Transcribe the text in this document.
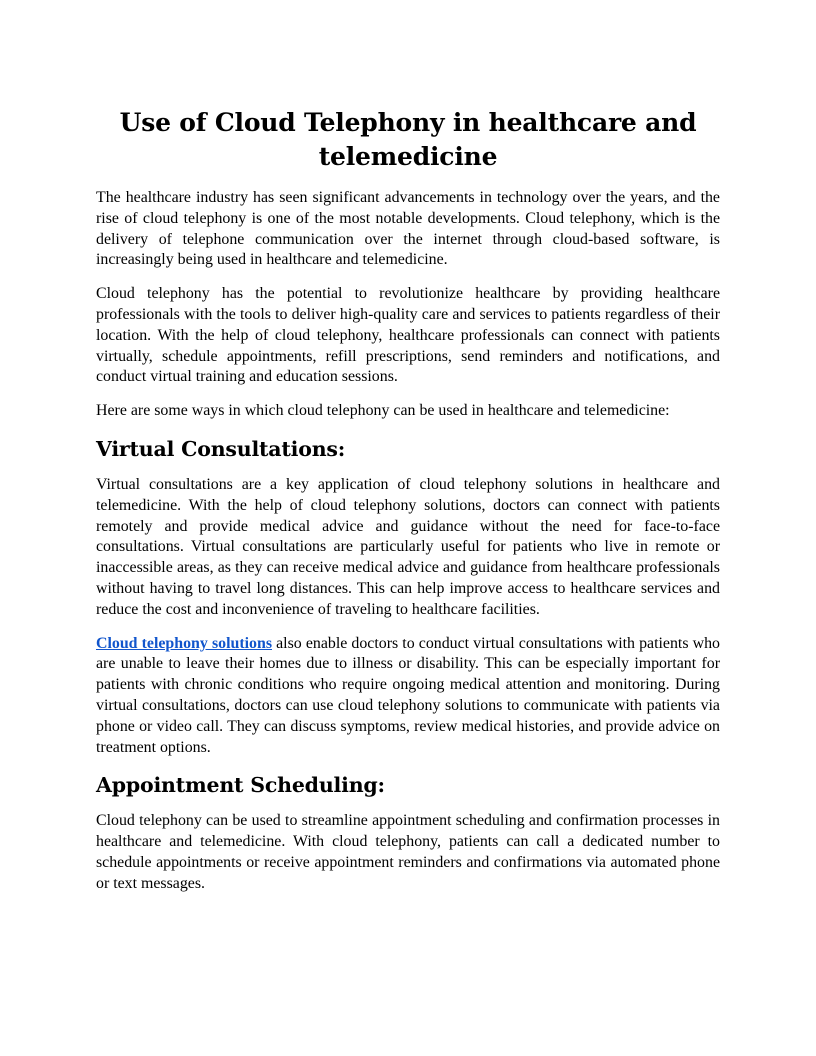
Use of Cloud Telephony in healthcare and telemedicine

The healthcare industry has seen significant advancements in technology over the years, and the rise of cloud telephony is one of the most notable developments. Cloud telephony, which is the delivery of telephone communication over the internet through cloud-based software, is increasingly being used in healthcare and telemedicine.

Cloud telephony has the potential to revolutionize healthcare by providing healthcare professionals with the tools to deliver high-quality care and services to patients regardless of their location. With the help of cloud telephony, healthcare professionals can connect with patients virtually, schedule appointments, refill prescriptions, send reminders and notifications, and conduct virtual training and education sessions.

Here are some ways in which cloud telephony can be used in healthcare and telemedicine:

Virtual Consultations:

Virtual consultations are a key application of cloud telephony solutions in healthcare and telemedicine. With the help of cloud telephony solutions, doctors can connect with patients remotely and provide medical advice and guidance without the need for face-to-face consultations. Virtual consultations are particularly useful for patients who live in remote or inaccessible areas, as they can receive medical advice and guidance from healthcare professionals without having to travel long distances. This can help improve access to healthcare services and reduce the cost and inconvenience of traveling to healthcare facilities.

Cloud telephony solutions also enable doctors to conduct virtual consultations with patients who are unable to leave their homes due to illness or disability. This can be especially important for patients with chronic conditions who require ongoing medical attention and monitoring. During virtual consultations, doctors can use cloud telephony solutions to communicate with patients via phone or video call. They can discuss symptoms, review medical histories, and provide advice on treatment options.

Appointment Scheduling:

Cloud telephony can be used to streamline appointment scheduling and confirmation processes in healthcare and telemedicine. With cloud telephony, patients can call a dedicated number to schedule appointments or receive appointment reminders and confirmations via automated phone or text messages.
